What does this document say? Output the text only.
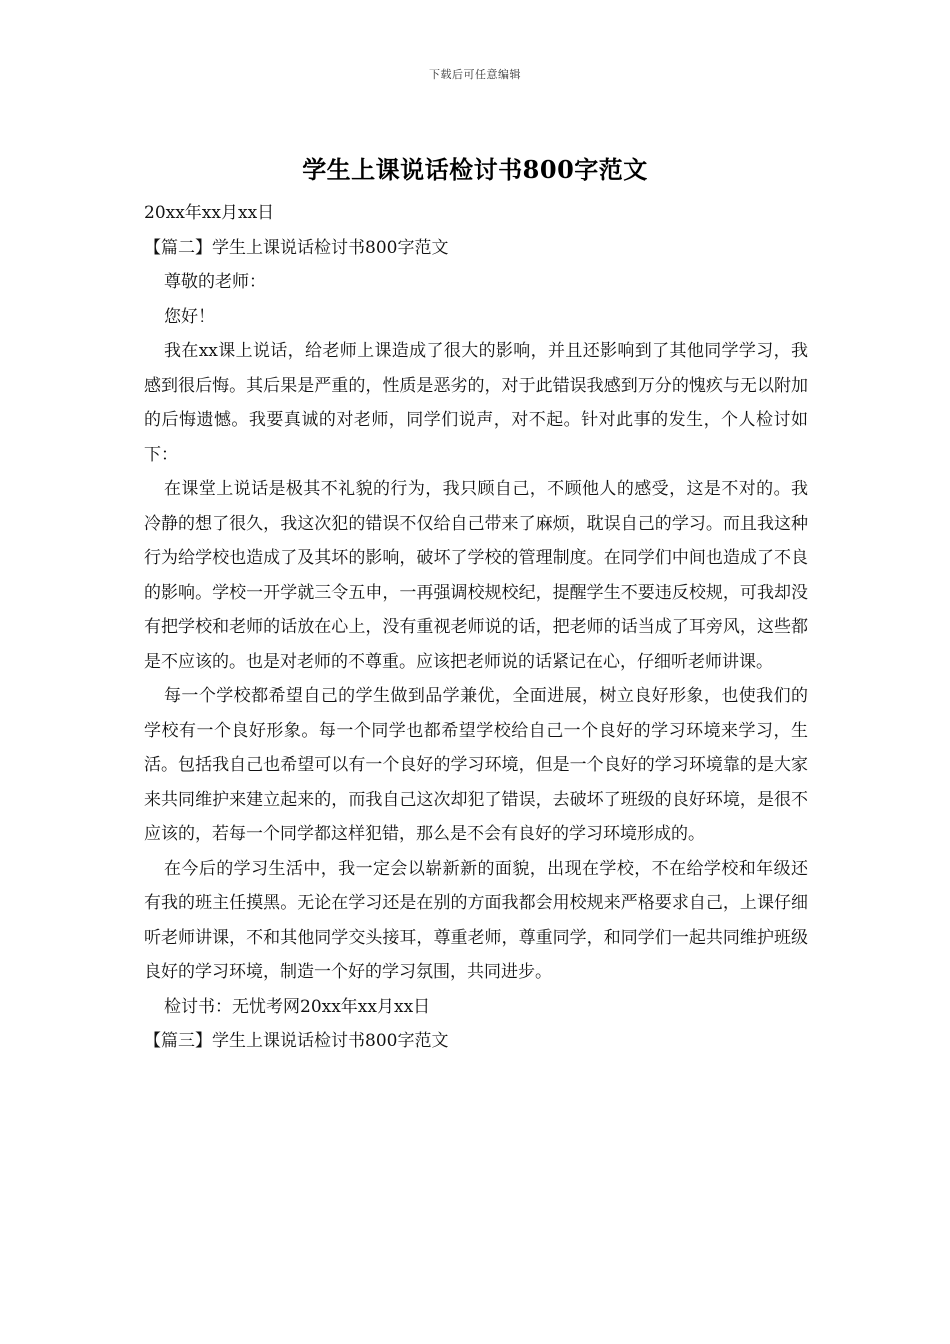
下载后可任意编辑
学生上课说话检讨书800字范文

20xx年xx月xx日

【篇二】学生上课说话检讨书800字范文

尊敬的老师：

您好！

我在xx课上说话，给老师上课造成了很大的影响，并且还影响到了其他同学学习，我感到很后悔。其后果是严重的，性质是恶劣的，对于此错误我感到万分的愧疚与无以附加的后悔遗憾。我要真诚的对老师，同学们说声，对不起。针对此事的发生，个人检讨如下：

在课堂上说话是极其不礼貌的行为，我只顾自己，不顾他人的感受，这是不对的。我冷静的想了很久，我这次犯的错误不仅给自己带来了麻烦，耽误自己的学习。而且我这种行为给学校也造成了及其坏的影响，破坏了学校的管理制度。在同学们中间也造成了不良的影响。学校一开学就三令五申，一再强调校规校纪，提醒学生不要违反校规，可我却没有把学校和老师的话放在心上，没有重视老师说的话，把老师的话当成了耳旁风，这些都是不应该的。也是对老师的不尊重。应该把老师说的话紧记在心，仔细听老师讲课。

每一个学校都希望自己的学生做到品学兼优，全面进展，树立良好形象，也使我们的学校有一个良好形象。每一个同学也都希望学校给自己一个良好的学习环境来学习，生活。包括我自己也希望可以有一个良好的学习环境，但是一个良好的学习环境靠的是大家来共同维护来建立起来的，而我自己这次却犯了错误，去破坏了班级的良好环境，是很不应该的，若每一个同学都这样犯错，那么是不会有良好的学习环境形成的。

在今后的学习生活中，我一定会以崭新新的面貌，出现在学校，不在给学校和年级还有我的班主任摸黑。无论在学习还是在别的方面我都会用校规来严格要求自己，上课仔细听老师讲课，不和其他同学交头接耳，尊重老师，尊重同学，和同学们一起共同维护班级良好的学习环境，制造一个好的学习氛围，共同进步。

检讨书：无忧考网20xx年xx月xx日

【篇三】学生上课说话检讨书800字范文
